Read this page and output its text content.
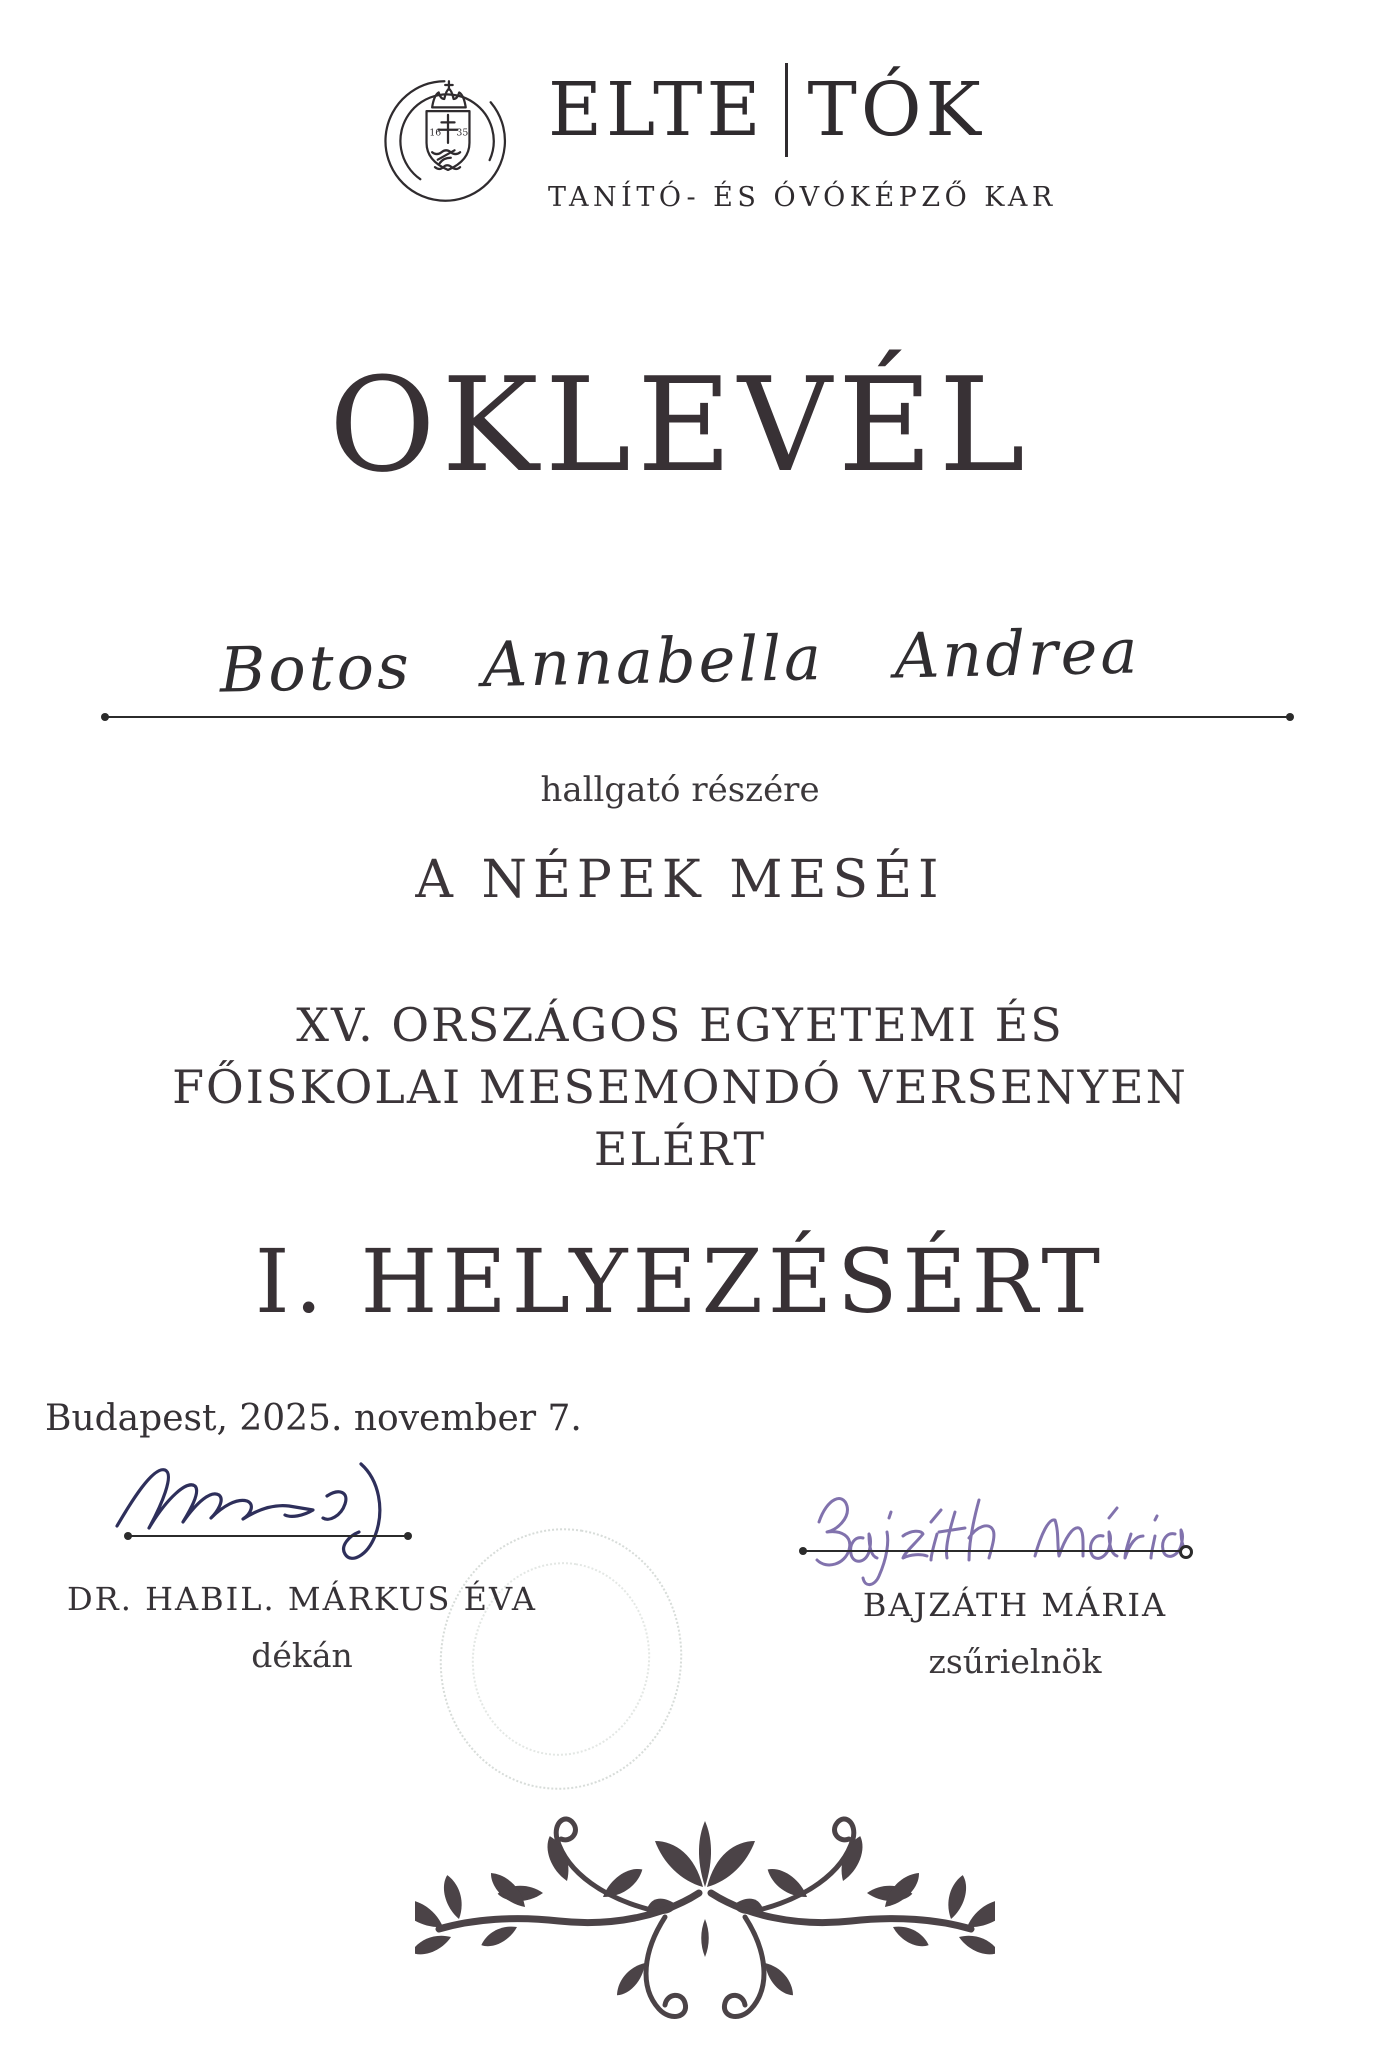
16 35 ELTE TÓK
TANÍTÓ- ÉS ÓVÓKÉPZŐ KAR
OKLEVÉL
Botos Annabella Andrea
hallgató részére
A NÉPEK MESÉI
XV. ORSZÁGOS EGYETEMI ÉS
FŐISKOLAI MESEMONDÓ VERSENYEN
ELÉRT
I. HELYEZÉSÉRT
Budapest, 2025. november 7.
DR. HABIL. MÁRKUS ÉVA
dékán
BAJZÁTH MÁRIA
zsűrielnök
